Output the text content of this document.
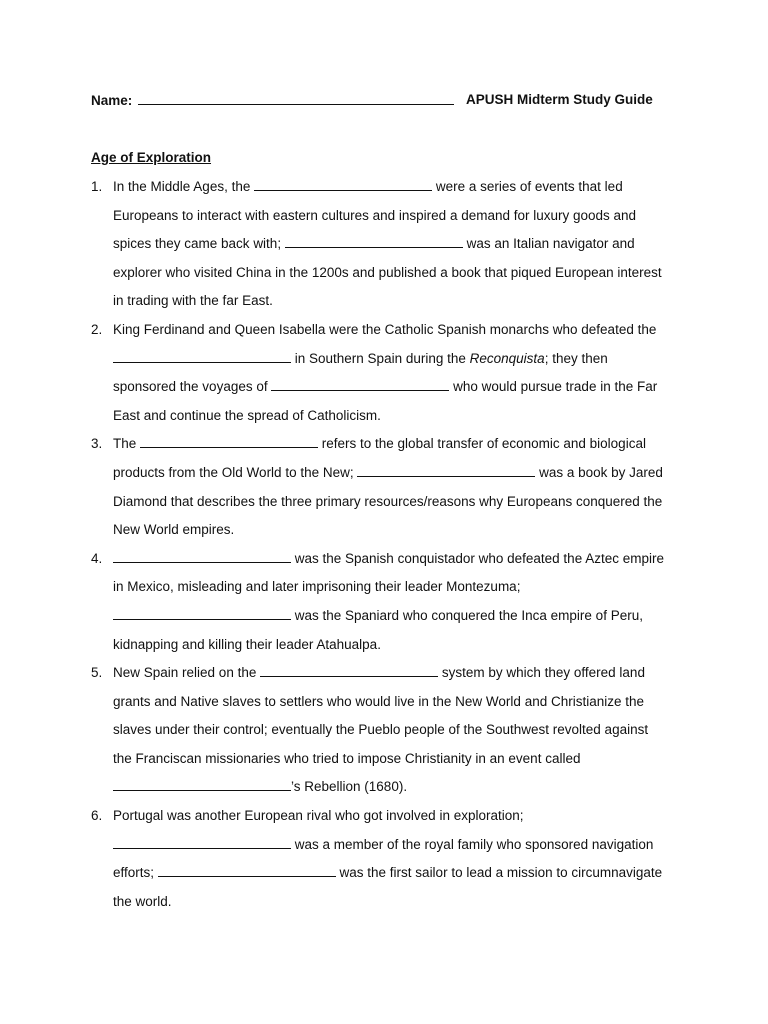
Name:	APUSH Midterm Study Guide
Age of Exploration
1. In the Middle Ages, the	were a series of events that led
Europeans to interact with eastern cultures and inspired a demand for luxury goods and
spices they came back with;	was an Italian navigator and
explorer who visited China in the 1200s and published a book that piqued European interest
in trading with the far East.

2. King Ferdinand and Queen Isabella were the Catholic Spanish monarchs who defeated the
in Southern Spain during the Reconquista; they then
sponsored the voyages of	who would pursue trade in the Far
East and continue the spread of Catholicism.

3. The	refers to the global transfer of economic and biological
products from the Old World to the New;	was a book by Jared
Diamond that describes the three primary resources/reasons why Europeans conquered the
New World empires.

4.	was the Spanish conquistador who defeated the Aztec empire
in Mexico, misleading and later imprisoning their leader Montezuma;
was the Spaniard who conquered the Inca empire of Peru,
kidnapping and killing their leader Atahualpa.

5. New Spain relied on the	system by which they offered land
grants and Native slaves to settlers who would live in the New World and Christianize the
slaves under their control; eventually the Pueblo people of the Southwest revolted against
the Franciscan missionaries who tried to impose Christianity in an event called
’s Rebellion (1680).

6. Portugal was another European rival who got involved in exploration;
was a member of the royal family who sponsored navigation
efforts;	was the first sailor to lead a mission to circumnavigate
the world.
